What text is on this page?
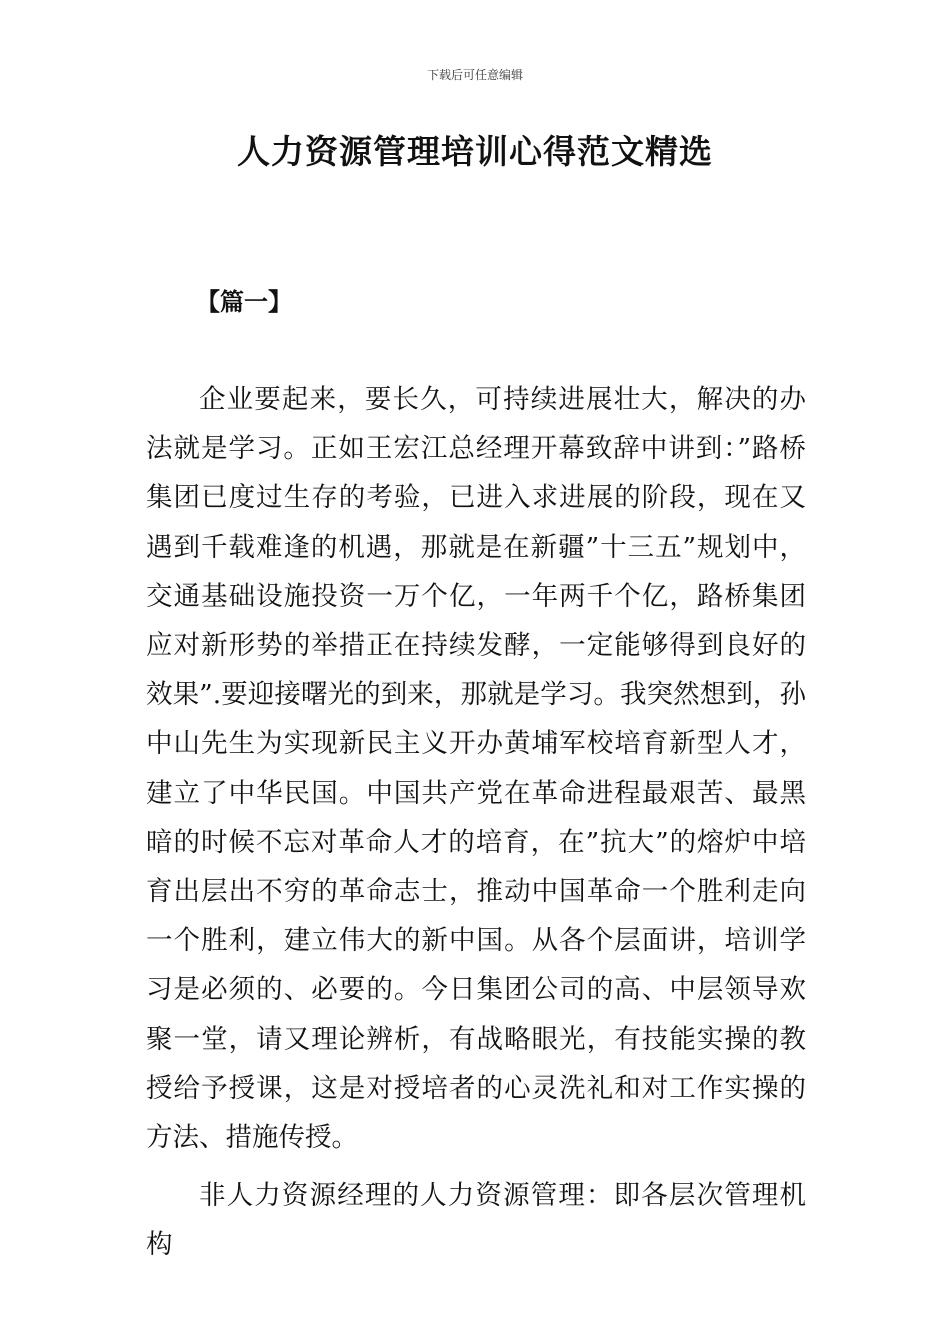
下载后可任意编辑
人力资源管理培训心得范文精选
【篇一】

企业要起来，要长久，可持续进展壮大，解决的办法就是学习。正如王宏江总经理开幕致辞中讲到：”路桥集团已度过生存的考验，已进入求进展的阶段，现在又遇到千载难逢的机遇，那就是在新疆”十三五”规划中，交通基础设施投资一万个亿，一年两千个亿，路桥集团应对新形势的举措正在持续发酵，一定能够得到良好的效果”.要迎接曙光的到来，那就是学习。我突然想到，孙中山先生为实现新民主义开办黄埔军校培育新型人才，建立了中华民国。中国共产党在革命进程最艰苦、最黑暗的时候不忘对革命人才的培育，在”抗大”的熔炉中培育出层出不穷的革命志士，推动中国革命一个胜利走向一个胜利，建立伟大的新中国。从各个层面讲，培训学习是必须的、必要的。今日集团公司的高、中层领导欢聚一堂，请又理论辨析，有战略眼光，有技能实操的教授给予授课，这是对授培者的心灵洗礼和对工作实操的方法、措施传授。

非人力资源经理的人力资源管理：即各层次管理机构
